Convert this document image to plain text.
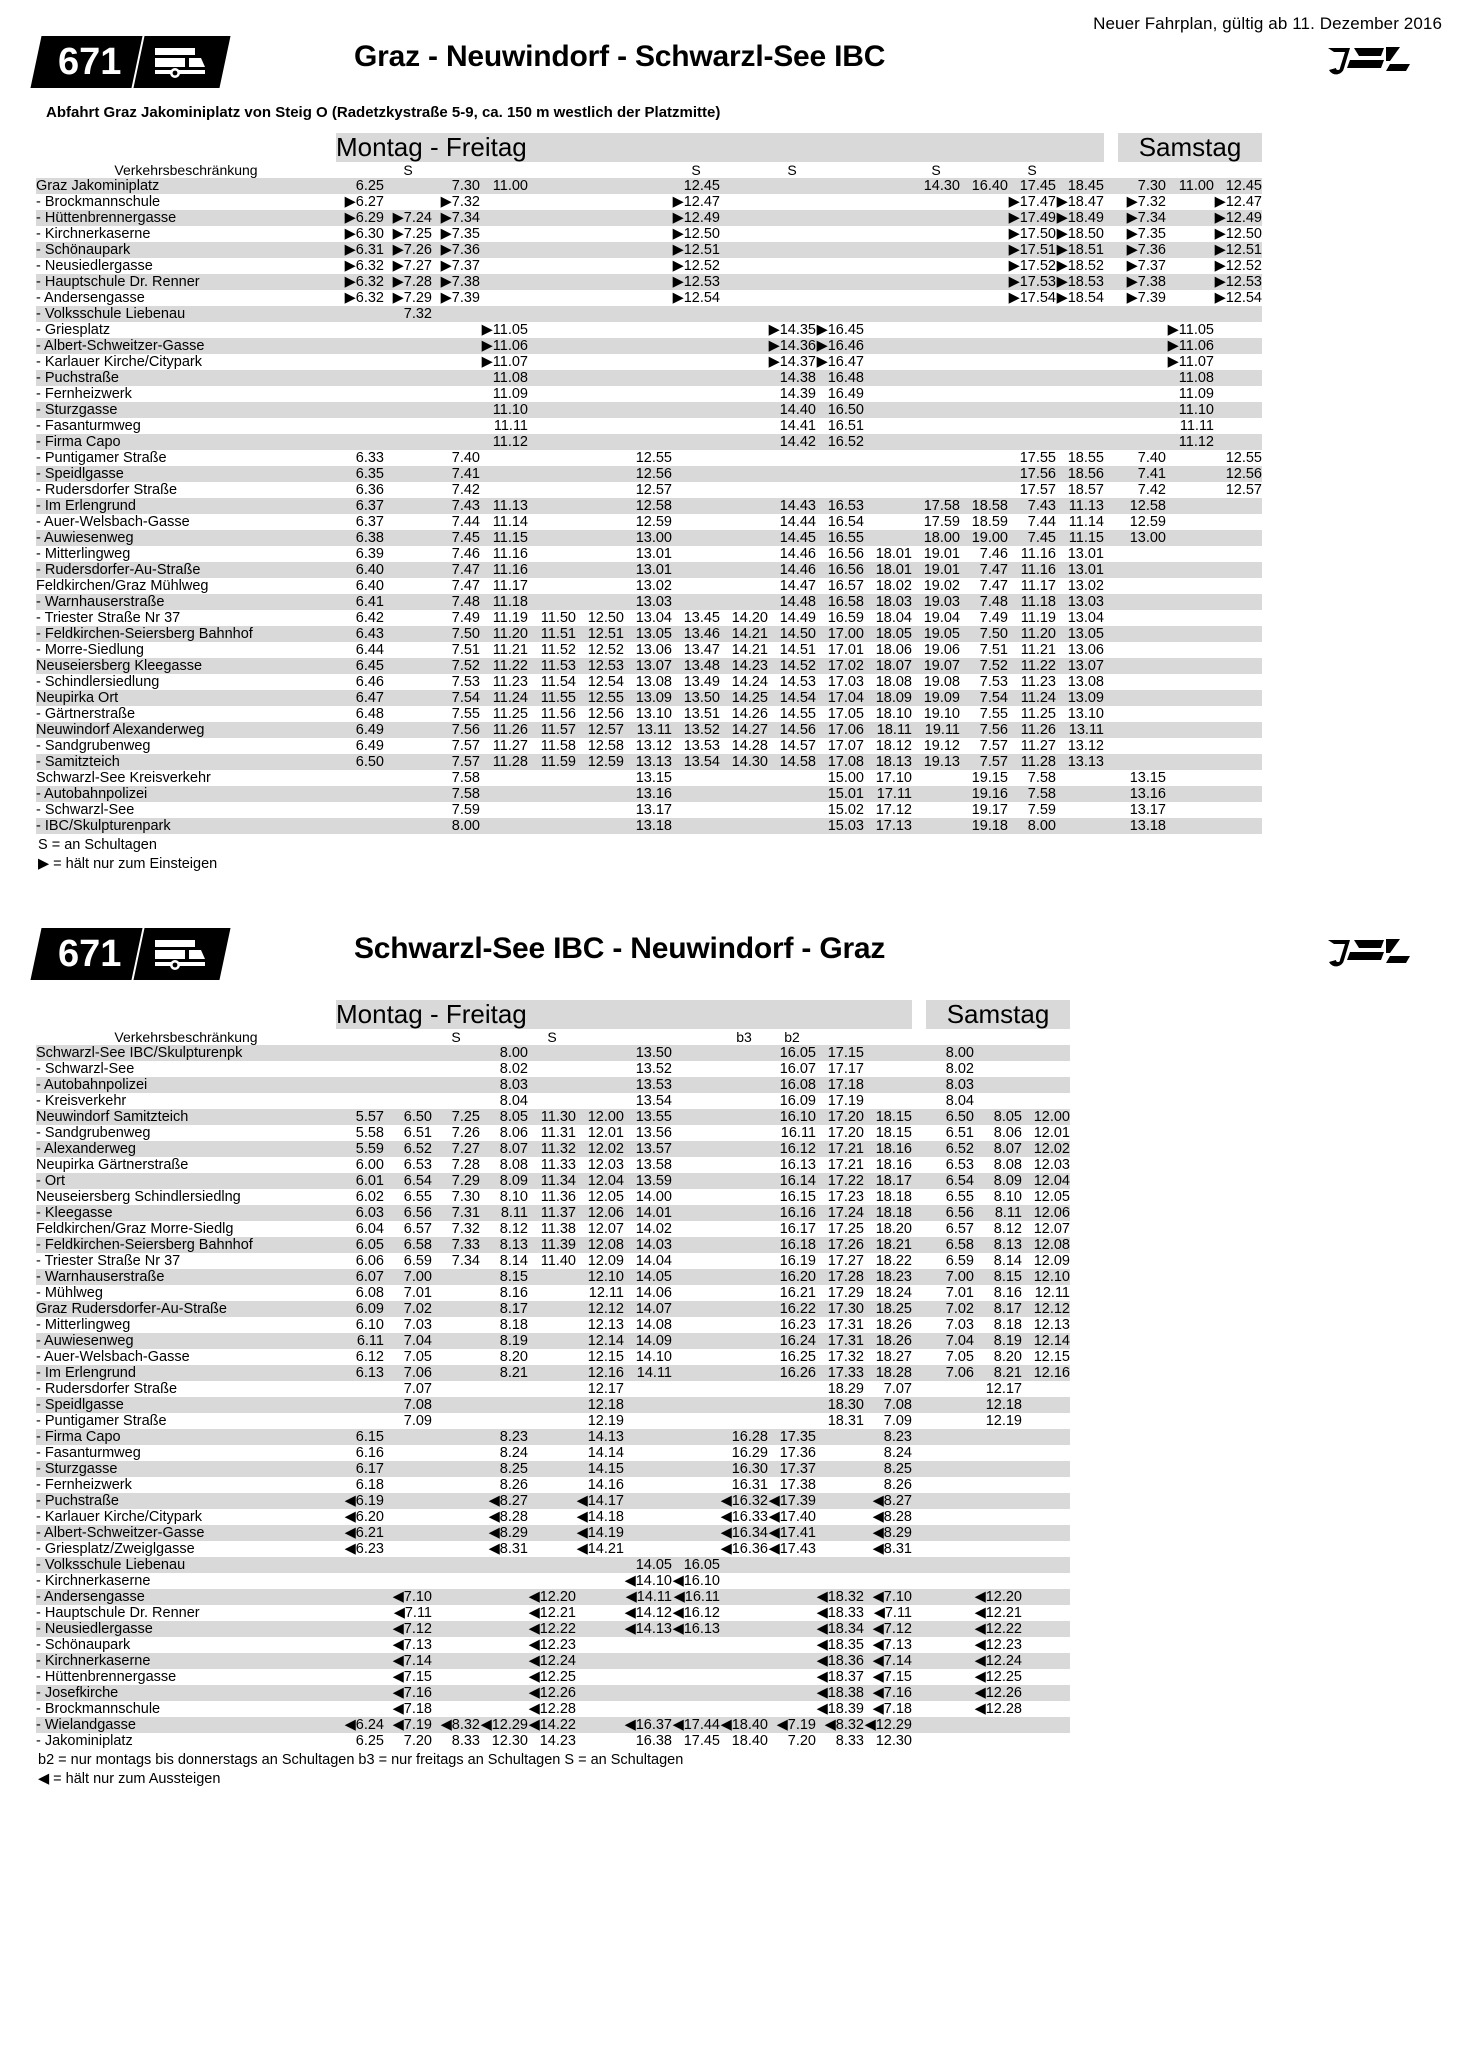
Neuer Fahrplan, gültig ab 11. Dezember 2016
671	Graz - Neuwindorf - Schwarzl-See IBC
Abfahrt Graz Jakominiplatz von Steig O (Radetzkystraße 5-9, ca. 150 m westlich der Platzmitte)
	Montag - Freitag																	Samstag		
Verkehrsbeschränkung		S						S		S			S		S					
Graz Jakominiplatz	6.25		7.30	11.00				12.45					14.30	16.40	17.45	18.45		7.30	11.00	12.45
- Brockmannschule	▶6.27		▶7.32					▶12.47							▶17.47	▶18.47		▶7.32		▶12.47
- Hüttenbrennergasse	▶6.29	▶7.24	▶7.34					▶12.49							▶17.49	▶18.49		▶7.34		▶12.49
- Kirchnerkaserne	▶6.30	▶7.25	▶7.35					▶12.50							▶17.50	▶18.50		▶7.35		▶12.50
- Schönaupark	▶6.31	▶7.26	▶7.36					▶12.51							▶17.51	▶18.51		▶7.36		▶12.51
- Neusiedlergasse	▶6.32	▶7.27	▶7.37					▶12.52							▶17.52	▶18.52		▶7.37		▶12.52
- Hauptschule Dr. Renner	▶6.32	▶7.28	▶7.38					▶12.53							▶17.53	▶18.53		▶7.38		▶12.53
- Andersengasse	▶6.32	▶7.29	▶7.39					▶12.54							▶17.54	▶18.54		▶7.39		▶12.54
- Volksschule Liebenau		7.32																		
- Griesplatz				▶11.05						▶14.35	▶16.45								▶11.05	
- Albert-Schweitzer-Gasse				▶11.06						▶14.36	▶16.46								▶11.06	
- Karlauer Kirche/Citypark				▶11.07						▶14.37	▶16.47								▶11.07	
- Puchstraße				11.08						14.38	16.48								11.08	
- Fernheizwerk				11.09						14.39	16.49								11.09	
- Sturzgasse				11.10						14.40	16.50								11.10	
- Fasanturmweg				11.11						14.41	16.51								11.11	
- Firma Capo				11.12						14.42	16.52								11.12	
- Puntigamer Straße	6.33		7.40				12.55								17.55	18.55		7.40		12.55
- Speidlgasse	6.35		7.41				12.56								17.56	18.56		7.41		12.56
- Rudersdorfer Straße	6.36		7.42				12.57								17.57	18.57		7.42		12.57
- Im Erlengrund	6.37		7.43	11.13			12.58			14.43	16.53		17.58	18.58	7.43	11.13		12.58		
- Auer-Welsbach-Gasse	6.37		7.44	11.14			12.59			14.44	16.54		17.59	18.59	7.44	11.14		12.59		
- Auwiesenweg	6.38		7.45	11.15			13.00			14.45	16.55		18.00	19.00	7.45	11.15		13.00		
- Mitterlingweg	6.39		7.46	11.16			13.01			14.46	16.56	18.01	19.01	7.46	11.16	13.01				
- Rudersdorfer-Au-Straße	6.40		7.47	11.16			13.01			14.46	16.56	18.01	19.01	7.47	11.16	13.01				
Feldkirchen/Graz Mühlweg	6.40		7.47	11.17			13.02			14.47	16.57	18.02	19.02	7.47	11.17	13.02				
- Warnhauserstraße	6.41		7.48	11.18			13.03			14.48	16.58	18.03	19.03	7.48	11.18	13.03				
- Triester Straße Nr 37	6.42		7.49	11.19	11.50	12.50	13.04	13.45	14.20	14.49	16.59	18.04	19.04	7.49	11.19	13.04				
- Feldkirchen-Seiersberg Bahnhof	6.43		7.50	11.20	11.51	12.51	13.05	13.46	14.21	14.50	17.00	18.05	19.05	7.50	11.20	13.05				
- Morre-Siedlung	6.44		7.51	11.21	11.52	12.52	13.06	13.47	14.21	14.51	17.01	18.06	19.06	7.51	11.21	13.06				
Neuseiersberg Kleegasse	6.45		7.52	11.22	11.53	12.53	13.07	13.48	14.23	14.52	17.02	18.07	19.07	7.52	11.22	13.07				
- Schindlersiedlung	6.46		7.53	11.23	11.54	12.54	13.08	13.49	14.24	14.53	17.03	18.08	19.08	7.53	11.23	13.08				
Neupirka Ort	6.47		7.54	11.24	11.55	12.55	13.09	13.50	14.25	14.54	17.04	18.09	19.09	7.54	11.24	13.09				
- Gärtnerstraße	6.48		7.55	11.25	11.56	12.56	13.10	13.51	14.26	14.55	17.05	18.10	19.10	7.55	11.25	13.10				
Neuwindorf Alexanderweg	6.49		7.56	11.26	11.57	12.57	13.11	13.52	14.27	14.56	17.06	18.11	19.11	7.56	11.26	13.11				
- Sandgrubenweg	6.49		7.57	11.27	11.58	12.58	13.12	13.53	14.28	14.57	17.07	18.12	19.12	7.57	11.27	13.12				
- Samitzteich	6.50		7.57	11.28	11.59	12.59	13.13	13.54	14.30	14.58	17.08	18.13	19.13	7.57	11.28	13.13				
Schwarzl-See Kreisverkehr			7.58				13.15				15.00	17.10		19.15	7.58			13.15		
- Autobahnpolizei			7.58				13.16				15.01	17.11		19.16	7.58			13.16		
- Schwarzl-See			7.59				13.17				15.02	17.12		19.17	7.59			13.17		
- IBC/Skulpturenpark			8.00				13.18				15.03	17.13		19.18	8.00			13.18		
S = an Schultagen
▶ = hält nur zum Einsteigen
671	Schwarzl-See IBC - Neuwindorf - Graz
	Montag - Freitag													Samstag		
Verkehrsbeschränkung			S		S				b3	b2						
Schwarzl-See IBC/Skulpturenpk				8.00			13.50			16.05	17.15			8.00		
- Schwarzl-See				8.02			13.52			16.07	17.17			8.02		
- Autobahnpolizei				8.03			13.53			16.08	17.18			8.03		
- Kreisverkehr				8.04			13.54			16.09	17.19			8.04		
Neuwindorf Samitzteich	5.57	6.50	7.25	8.05	11.30	12.00	13.55			16.10	17.20	18.15		6.50	8.05	12.00
- Sandgrubenweg	5.58	6.51	7.26	8.06	11.31	12.01	13.56			16.11	17.20	18.15		6.51	8.06	12.01
- Alexanderweg	5.59	6.52	7.27	8.07	11.32	12.02	13.57			16.12	17.21	18.16		6.52	8.07	12.02
Neupirka Gärtnerstraße	6.00	6.53	7.28	8.08	11.33	12.03	13.58			16.13	17.21	18.16		6.53	8.08	12.03
- Ort	6.01	6.54	7.29	8.09	11.34	12.04	13.59			16.14	17.22	18.17		6.54	8.09	12.04
Neuseiersberg Schindlersiedlng	6.02	6.55	7.30	8.10	11.36	12.05	14.00			16.15	17.23	18.18		6.55	8.10	12.05
- Kleegasse	6.03	6.56	7.31	8.11	11.37	12.06	14.01			16.16	17.24	18.18		6.56	8.11	12.06
Feldkirchen/Graz Morre-Siedlg	6.04	6.57	7.32	8.12	11.38	12.07	14.02			16.17	17.25	18.20		6.57	8.12	12.07
- Feldkirchen-Seiersberg Bahnhof	6.05	6.58	7.33	8.13	11.39	12.08	14.03			16.18	17.26	18.21		6.58	8.13	12.08
- Triester Straße Nr 37	6.06	6.59	7.34	8.14	11.40	12.09	14.04			16.19	17.27	18.22		6.59	8.14	12.09
- Warnhauserstraße	6.07	7.00		8.15		12.10	14.05			16.20	17.28	18.23		7.00	8.15	12.10
- Mühlweg	6.08	7.01		8.16		12.11	14.06			16.21	17.29	18.24		7.01	8.16	12.11
Graz Rudersdorfer-Au-Straße	6.09	7.02		8.17		12.12	14.07			16.22	17.30	18.25		7.02	8.17	12.12
- Mitterlingweg	6.10	7.03		8.18		12.13	14.08			16.23	17.31	18.26		7.03	8.18	12.13
- Auwiesenweg	6.11	7.04		8.19		12.14	14.09			16.24	17.31	18.26		7.04	8.19	12.14
- Auer-Welsbach-Gasse	6.12	7.05		8.20		12.15	14.10			16.25	17.32	18.27		7.05	8.20	12.15
- Im Erlengrund	6.13	7.06		8.21		12.16	14.11			16.26	17.33	18.28		7.06	8.21	12.16
- Rudersdorfer Straße		7.07				12.17					18.29	7.07			12.17	
- Speidlgasse		7.08				12.18					18.30	7.08			12.18	
- Puntigamer Straße		7.09				12.19					18.31	7.09			12.19	
- Firma Capo	6.15			8.23		14.13			16.28	17.35		8.23				
- Fasanturmweg	6.16			8.24		14.14			16.29	17.36		8.24				
- Sturzgasse	6.17			8.25		14.15			16.30	17.37		8.25				
- Fernheizwerk	6.18			8.26		14.16			16.31	17.38		8.26				
- Puchstraße	◀6.19			◀8.27		◀14.17			◀16.32	◀17.39		◀8.27				
- Karlauer Kirche/Citypark	◀6.20			◀8.28		◀14.18			◀16.33	◀17.40		◀8.28				
- Albert-Schweitzer-Gasse	◀6.21			◀8.29		◀14.19			◀16.34	◀17.41		◀8.29				
- Griesplatz/Zweiglgasse	◀6.23			◀8.31		◀14.21			◀16.36	◀17.43		◀8.31				
- Volksschule Liebenau							14.05	16.05								
- Kirchnerkaserne							◀14.10	◀16.10								
- Andersengasse		◀7.10			◀12.20		◀14.11	◀16.11			◀18.32	◀7.10			◀12.20	
- Hauptschule Dr. Renner		◀7.11			◀12.21		◀14.12	◀16.12			◀18.33	◀7.11			◀12.21	
- Neusiedlergasse		◀7.12			◀12.22		◀14.13	◀16.13			◀18.34	◀7.12			◀12.22	
- Schönaupark		◀7.13			◀12.23						◀18.35	◀7.13			◀12.23	
- Kirchnerkaserne		◀7.14			◀12.24						◀18.36	◀7.14			◀12.24	
- Hüttenbrennergasse		◀7.15			◀12.25						◀18.37	◀7.15			◀12.25	
- Josefkirche		◀7.16			◀12.26						◀18.38	◀7.16			◀12.26	
- Brockmannschule		◀7.18			◀12.28						◀18.39	◀7.18			◀12.28	
- Wielandgasse	◀6.24	◀7.19	◀8.32	◀12.29	◀14.22		◀16.37	◀17.44	◀18.40	◀7.19	◀8.32	◀12.29				
- Jakominiplatz	6.25	7.20	8.33	12.30	14.23		16.38	17.45	18.40	7.20	8.33	12.30				
b2 = nur montags bis donnerstags an Schultagen b3 = nur freitags an Schultagen S = an Schultagen
◀ = hält nur zum Aussteigen
